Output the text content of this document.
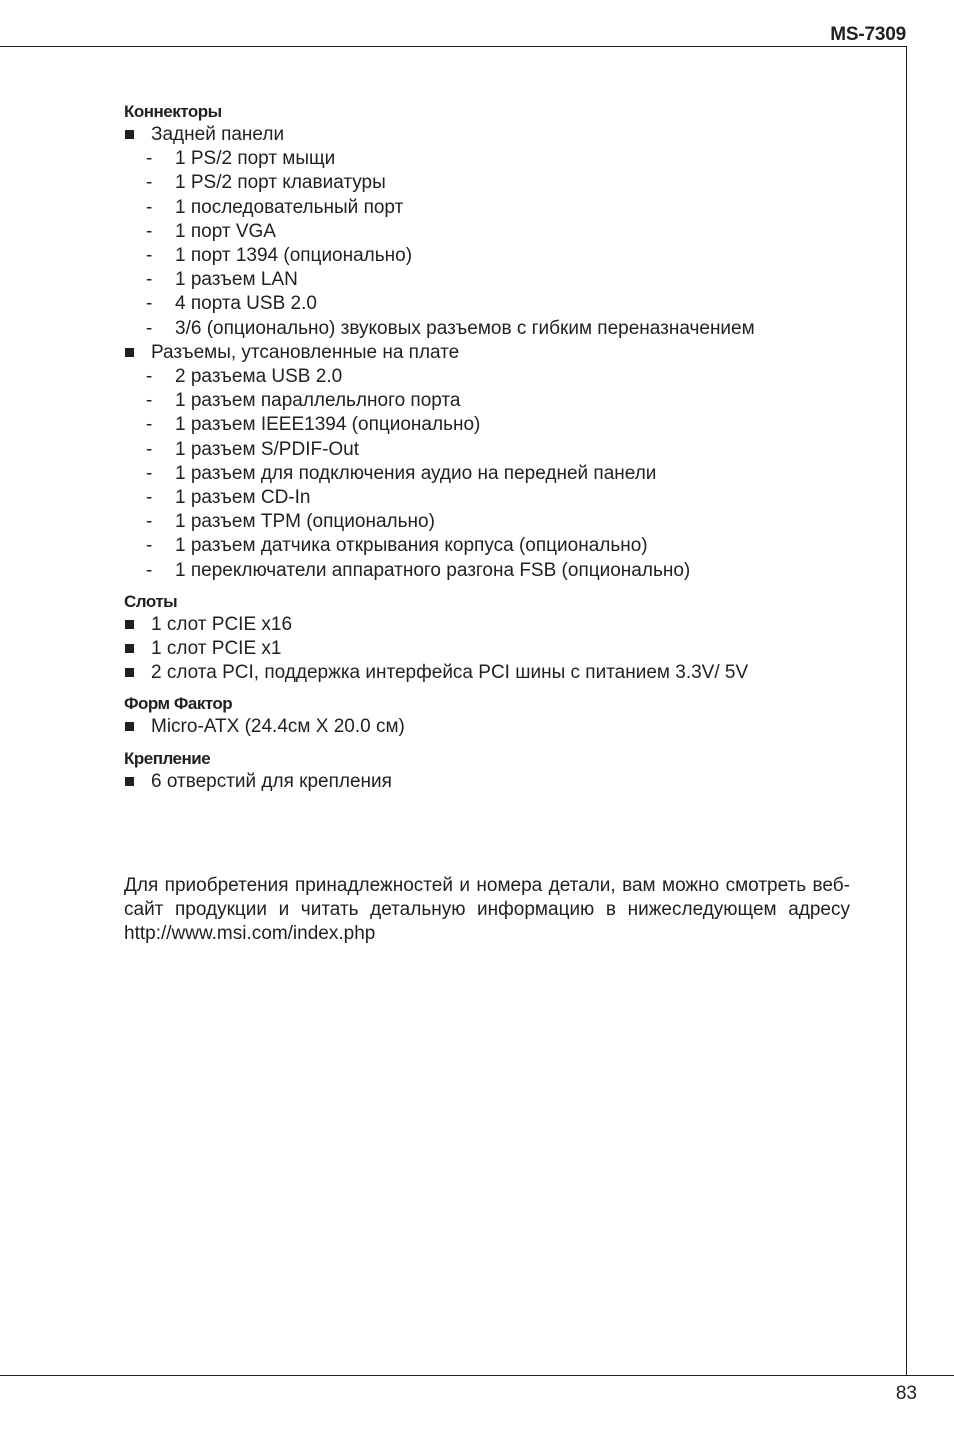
MS-7309
83
Коннекторы
Задней панели
- 1 PS/2 порт мыщи
- 1 PS/2 порт клавиатуры
- 1 последовательный порт
- 1 порт VGA
- 1 порт 1394 (опционально)
- 1 разъем LAN
- 4 порта USB 2.0
- 3/6 (опционально) звуковых разъемов с гибким переназначением
Разъемы, утсановленные на плате
- 2 разъема USB 2.0
- 1 разъем параллельлного порта
- 1 разъем IEEE1394 (опционально)
- 1 разъем S/PDIF-Out
- 1 разъем для подключения аудио на передней панели
- 1 разъем CD-In
- 1 разъем TPM (опционально)
- 1 разъем датчика открывания корпуса (опционально)
- 1 переключатели аппаратного разгона FSB (опционально)
Слоты
1 слот PCIE x16
1 слот PCIE x1
2 слота PCI, поддержка интерфейса PCI шины с питанием 3.3V/ 5V
Форм Фактор
Micro-ATX (24.4см X 20.0 см)
Крепление
6 отверстий для крепления

Для приобретения принадлежностей и номера детали, вам можно смотреть веб-сайт продукции и читать детальную информацию в нижеследующем адресу http://www.msi.com/index.php
